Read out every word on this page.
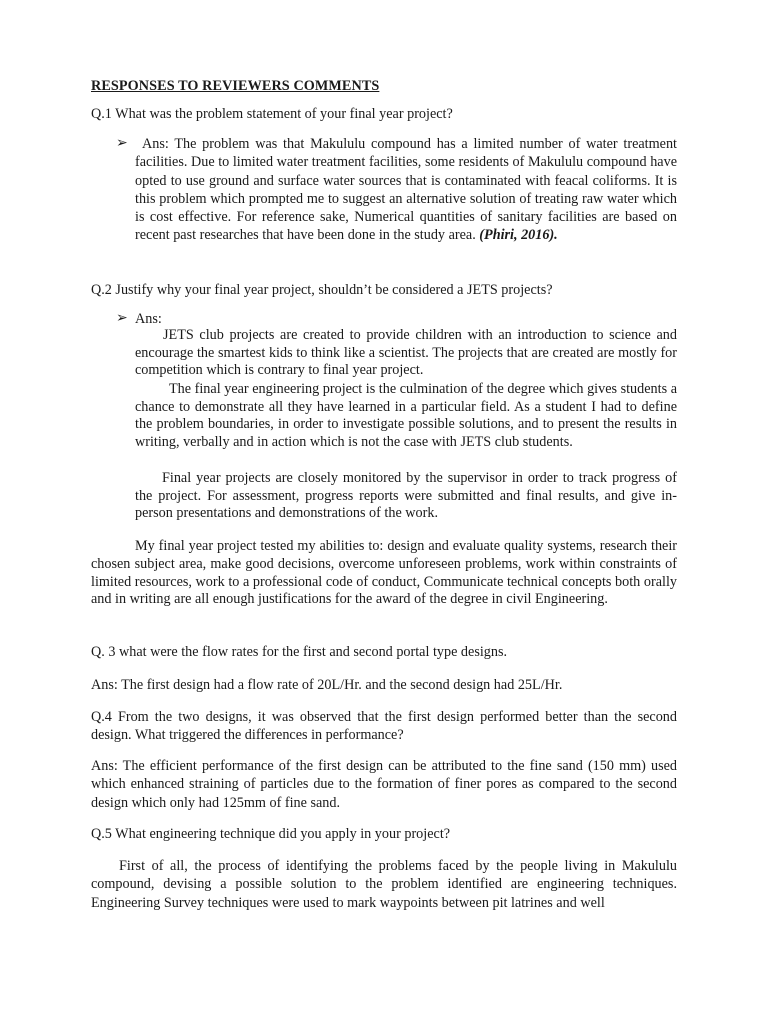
RESPONSES TO REVIEWERS COMMENTS

Q.1 What was the problem statement of your final year project?

➢	Ans: The problem was that Makululu compound has a limited number of water treatment facilities. Due to limited water treatment facilities, some residents of Makululu compound have opted to use ground and surface water sources that is contaminated with feacal coliforms. It is this problem which prompted me to suggest an alternative solution of treating raw water which is cost effective. For reference sake, Numerical quantities of sanitary facilities are based on recent past researches that have been done in the study area. (Phiri, 2016).

Q.2 Justify why your final year project, shouldn’t be considered a JETS projects?

➢ Ans:

JETS club projects are created to provide children with an introduction to science and encourage the smartest kids to think like a scientist. The projects that are created are mostly for competition which is contrary to final year project.

The final year engineering project is the culmination of the degree which gives students a chance to demonstrate all they have learned in a particular field. As a student I had to define the problem boundaries, in order to investigate possible solutions, and to present the results in writing, verbally and in action which is not the case with JETS club students.

Final year projects are closely monitored by the supervisor in order to track progress of the project. For assessment, progress reports were submitted and final results, and give in-person presentations and demonstrations of the work.

My final year project tested my abilities to: design and evaluate quality systems, research their chosen subject area, make good decisions, overcome unforeseen problems, work within constraints of limited resources, work to a professional code of conduct, Communicate technical concepts both orally and in writing are all enough justifications for the award of the degree in civil Engineering.

Q. 3 what were the flow rates for the first and second portal type designs.

Ans: The first design had a flow rate of 20L/Hr. and the second design had 25L/Hr.

Q.4 From the two designs, it was observed that the first design performed better than the second design. What triggered the differences in performance?

Ans: The efficient performance of the first design can be attributed to the fine sand (150 mm) used which enhanced straining of particles due to the formation of finer pores as compared to the second design which only had 125mm of fine sand.

Q.5 What engineering technique did you apply in your project?

First of all, the process of identifying the problems faced by the people living in Makululu compound, devising a possible solution to the problem identified are engineering techniques. Engineering Survey techniques were used to mark waypoints between pit latrines and well
